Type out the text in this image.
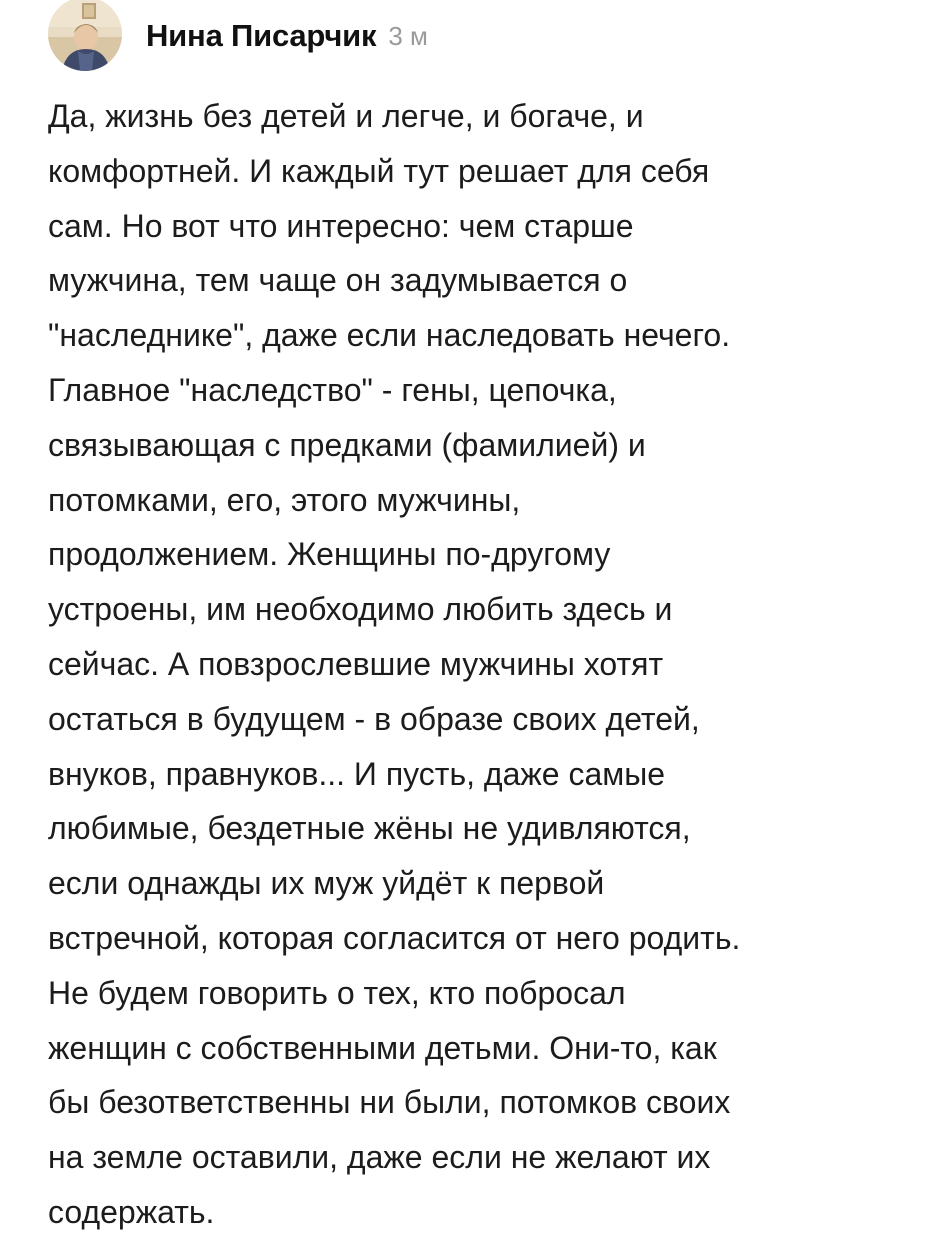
Нина Писарчик 3 м
Да, жизнь без детей и легче, и богаче, и
комфортней. И каждый тут решает для себя
сам. Но вот что интересно: чем старше
мужчина, тем чаще он задумывается о
"наследнике", даже если наследовать нечего.
Главное "наследство" - гены, цепочка,
связывающая с предками (фамилией) и
потомками, его, этого мужчины,
продолжением. Женщины по-другому
устроены, им необходимо любить здесь и
сейчас. А повзрослевшие мужчины хотят
остаться в будущем - в образе своих детей,
внуков, правнуков... И пусть, даже самые
любимые, бездетные жёны не удивляются,
если однажды их муж уйдёт к первой
встречной, которая согласится от него родить.
Не будем говорить о тех, кто побросал
женщин с собственными детьми. Они-то, как
бы безответственны ни были, потомков своих
на земле оставили, даже если не желают их
содержать.
